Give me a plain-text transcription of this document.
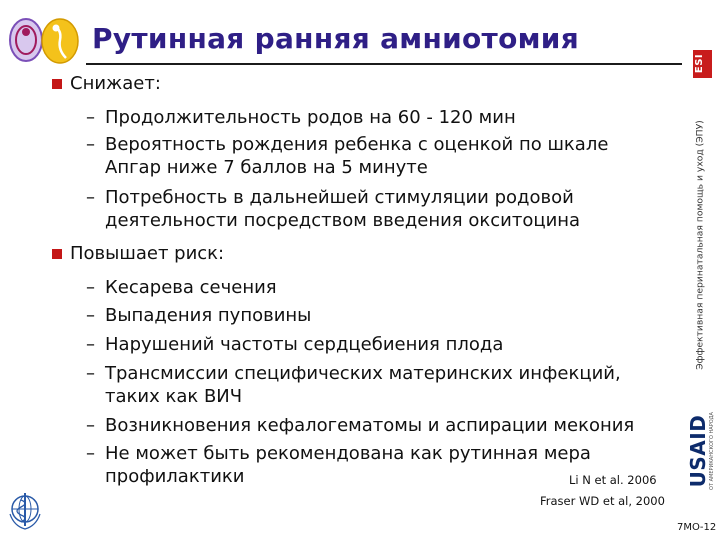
Рутинная ранняя амниотомия
ESI
Эффективная перинатальная помощь и уход (ЭПУ)
USAID ОТ АМЕРИКАНСКОГО НАРОДА
Снижает:
– Продолжительность родов на 60 - 120 мин
– Вероятность рождения ребенка с оценкой по шкале
Апгар ниже 7 баллов на 5 минуте
– Потребность в дальнейшей стимуляции родовой
деятельности посредством введения окситоцина
Повышает риск:
– Кесарева сечения
– Выпадения пуповины
– Нарушений частоты сердцебиения плода
– Трансмиссии специфических материнских инфекций,
таких как ВИЧ
– Возникновения кефалогематомы и аспирации мекония
– Не может быть рекомендована как рутинная мера
профилактики	Li N et al. 2006
Fraser WD et al, 2000
7МО-12
